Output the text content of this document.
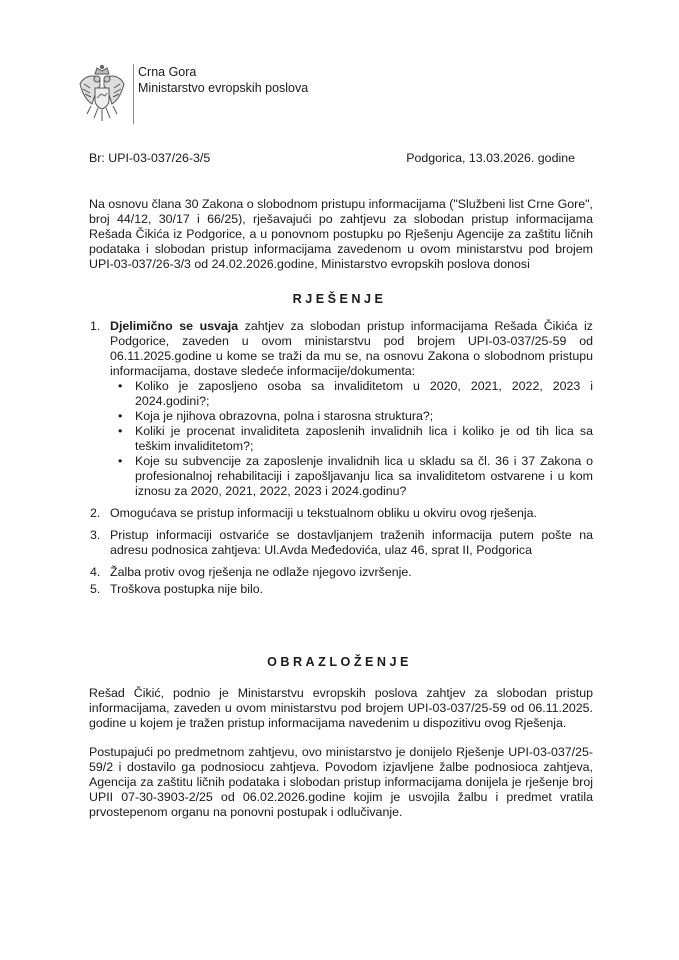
Crna Gora
Ministarstvo evropskih poslova
Br: UPI-03-037/26-3/5	Podgorica, 13.03.2026. godine
Na osnovu člana 30 Zakona o slobodnom pristupu informacijama ("Službeni list Crne Gore", broj 44/12, 30/17 i 66/25), rješavajući po zahtjevu za slobodan pristup informacijama Rešada Čikića iz Podgorice, a u ponovnom postupku po Rješenju Agencije za zaštitu ličnih podataka i slobodan pristup informacijama zavedenom u ovom ministarstvu pod brojem UPI-03-037/26-3/3 od 24.02.2026.godine, Ministarstvo evropskih poslova donosi
RJEŠENJE
1. Djelimično se usvaja zahtjev za slobodan pristup informacijama Rešada Čikića iz Podgorice, zaveden u ovom ministarstvu pod brojem UPI-03-037/25-59 od 06.11.2025.godine u kome se traži da mu se, na osnovu Zakona o slobodnom pristupu informacijama, dostave sledeće informacije/dokumenta:
• Koliko je zaposljeno osoba sa invaliditetom u 2020, 2021, 2022, 2023 i 2024.godini?;
• Koja je njihova obrazovna, polna i starosna struktura?;
• Koliki je procenat invaliditeta zaposlenih invalidnih lica i koliko je od tih lica sa teškim invaliditetom?;
• Koje su subvencije za zaposlenje invalidnih lica u skladu sa čl. 36 i 37 Zakona o profesionalnoj rehabilitaciji i zapošljavanju lica sa invaliditetom ostvarene i u kom iznosu za 2020, 2021, 2022, 2023 i 2024.godinu?
2. Omogućava se pristup informaciji u tekstualnom obliku u okviru ovog rješenja.
3. Pristup informaciji ostvariće se dostavljanjem traženih informacija putem pošte na adresu podnosica zahtjeva: Ul.Avda Međedovića, ulaz 46, sprat II, Podgorica
4. Žalba protiv ovog rješenja ne odlaže njegovo izvršenje.
5. Troškova postupka nije bilo.
OBRAZLOŽENJE
Rešad Čikić, podnio je Ministarstvu evropskih poslova zahtjev za slobodan pristup informacijama, zaveden u ovom ministarstvu pod brojem UPI-03-037/25-59 od 06.11.2025. godine u kojem je tražen pristup informacijama navedenim u dispozitivu ovog Rješenja.
Postupajući po predmetnom zahtjevu, ovo ministarstvo je donijelo Rješenje UPI-03-037/25-59/2 i dostavilo ga podnosiocu zahtjeva. Povodom izjavljene žalbe podnosioca zahtjeva, Agencija za zaštitu ličnih podataka i slobodan pristup informacijama donijela je rješenje broj UPII 07-30-3903-2/25 od 06.02.2026.godine kojim je usvojila žalbu i predmet vratila prvostepenom organu na ponovni postupak i odlučivanje.
